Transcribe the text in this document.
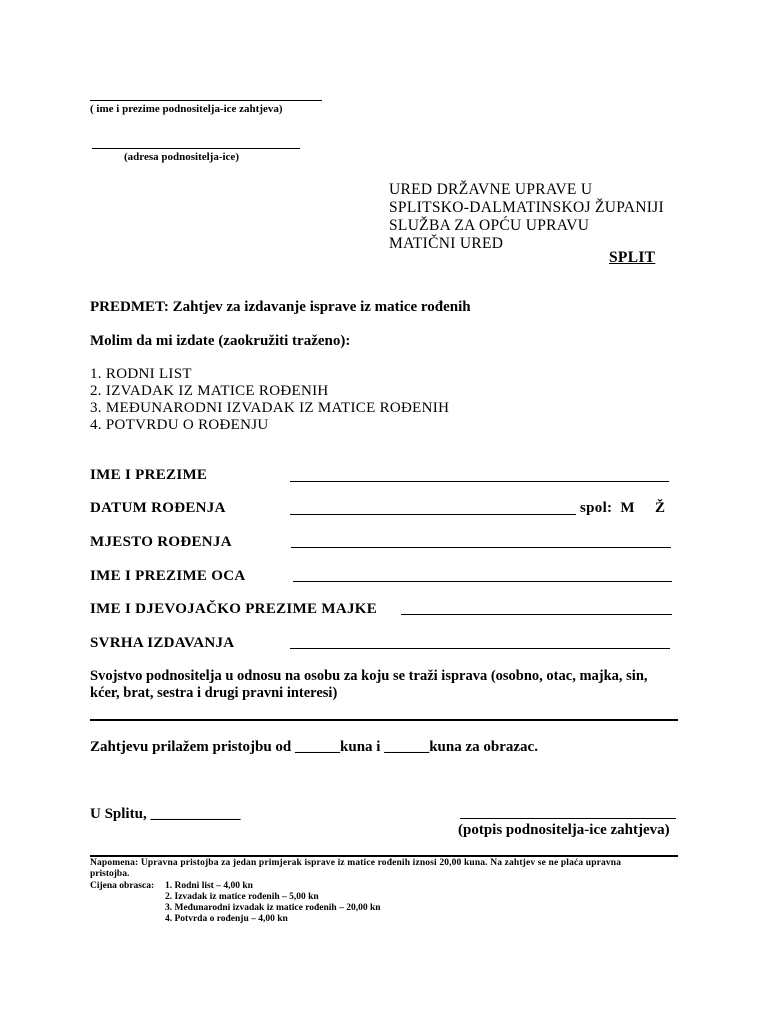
( ime i prezime podnositelja-ice zahtjeva)
(adresa podnositelja-ice)
URED DRŽAVNE UPRAVE U
SPLITSKO-DALMATINSKOJ ŽUPANIJI
SLUŽBA ZA OPĆU UPRAVU
MATIČNI URED
SPLIT
PREDMET: Zahtjev za izdavanje isprave iz matice rođenih
Molim da mi izdate (zaokružiti traženo):
1. RODNI LIST
2. IZVADAK IZ MATICE ROĐENIH
3. MEĐUNARODNI IZVADAK IZ MATICE ROĐENIH
4. POTVRDU O ROĐENJU
IME I PREZIME
DATUM ROĐENJA	spol: M Ž
MJESTO ROĐENJA
IME I PREZIME OCA
IME I DJEVOJAČKO PREZIME MAJKE
SVRHA IZDAVANJA
Svojstvo podnositelja u odnosu na osobu za koju se traži isprava (osobno, otac, majka, sin, kćer, brat, sestra i drugi pravni interesi)
Zahtjevu prilažem pristojbu od ______kuna i ______kuna za obrazac.
U Splitu, ____________
(potpis podnositelja-ice zahtjeva)
Napomena: Upravna pristojba za jedan primjerak isprave iz matice rođenih iznosi 20,00 kuna. Na zahtjev se ne plaća upravna
pristojba.
Cijena obrasca: 1. Rodni list – 4,00 kn
2. Izvadak iz matice rođenih – 5,00 kn
3. Međunarodni izvadak iz matice rođenih – 20,00 kn
4. Potvrda o rođenju – 4,00 kn
